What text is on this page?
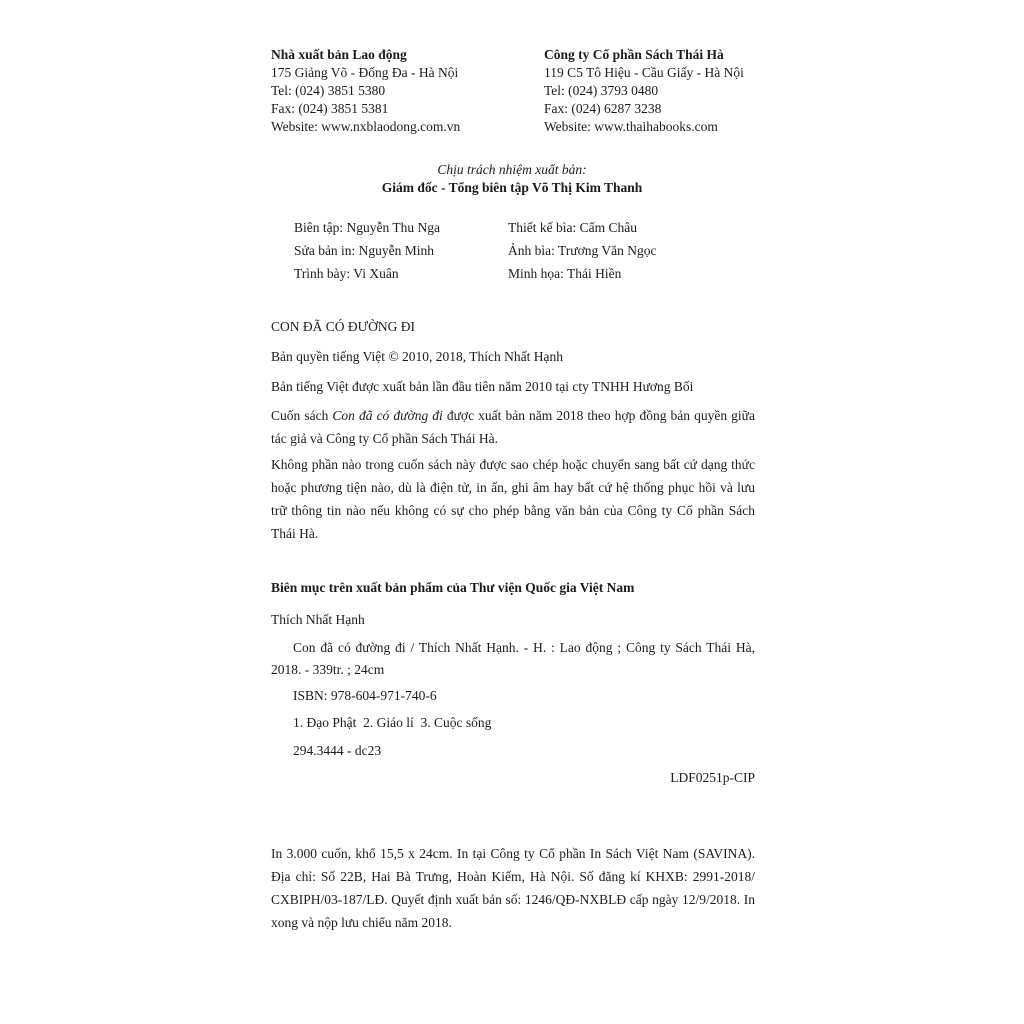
Nhà xuất bản Lao động
175 Giảng Võ - Đống Đa - Hà Nội
Tel: (024) 3851 5380
Fax: (024) 3851 5381
Website: www.nxblaodong.com.vn
Công ty Cổ phần Sách Thái Hà
119 C5 Tô Hiệu - Cầu Giấy - Hà Nội
Tel: (024) 3793 0480
Fax: (024) 6287 3238
Website: www.thaihabooks.com
Chịu trách nhiệm xuất bản:
Giám đốc - Tổng biên tập Võ Thị Kim Thanh
Biên tập: Nguyễn Thu Nga
Sửa bản in: Nguyễn Minh
Trình bày: Vi Xuân
Thiết kế bìa: Cẩm Châu
Ảnh bìa: Trương Văn Ngọc
Minh họa: Thái Hiền
CON ĐÃ CÓ ĐƯỜNG ĐI
Bản quyền tiếng Việt © 2010, 2018, Thích Nhất Hạnh
Bản tiếng Việt được xuất bản lần đầu tiên năm 2010 tại cty TNHH Hương Bối
Cuốn sách Con đã có đường đi được xuất bản năm 2018 theo hợp đồng bản quyền giữa tác giả và Công ty Cổ phần Sách Thái Hà.
Không phần nào trong cuốn sách này được sao chép hoặc chuyển sang bất cứ dạng thức hoặc phương tiện nào, dù là điện tử, in ấn, ghi âm hay bất cứ hệ thống phục hồi và lưu trữ thông tin nào nếu không có sự cho phép bằng văn bản của Công ty Cổ phần Sách Thái Hà.
Biên mục trên xuất bản phẩm của Thư viện Quốc gia Việt Nam
Thích Nhất Hạnh
Con đã có đường đi / Thích Nhất Hạnh. - H. : Lao động ; Công ty Sách Thái Hà, 2018. - 339tr. ; 24cm
ISBN: 978-604-971-740-6
1. Đạo Phật  2. Giáo lí  3. Cuộc sống
294.3444 - dc23
LDF0251p-CIP
In 3.000 cuốn, khổ 15,5 x 24cm. In tại Công ty Cổ phần In Sách Việt Nam (SAVINA). Địa chỉ: Số 22B, Hai Bà Trưng, Hoàn Kiếm, Hà Nội. Số đăng kí KHXB: 2991-2018/ CXBIPH/03-187/LĐ. Quyết định xuất bản số: 1246/QĐ-NXBLĐ cấp ngày 12/9/2018. In xong và nộp lưu chiểu năm 2018.
